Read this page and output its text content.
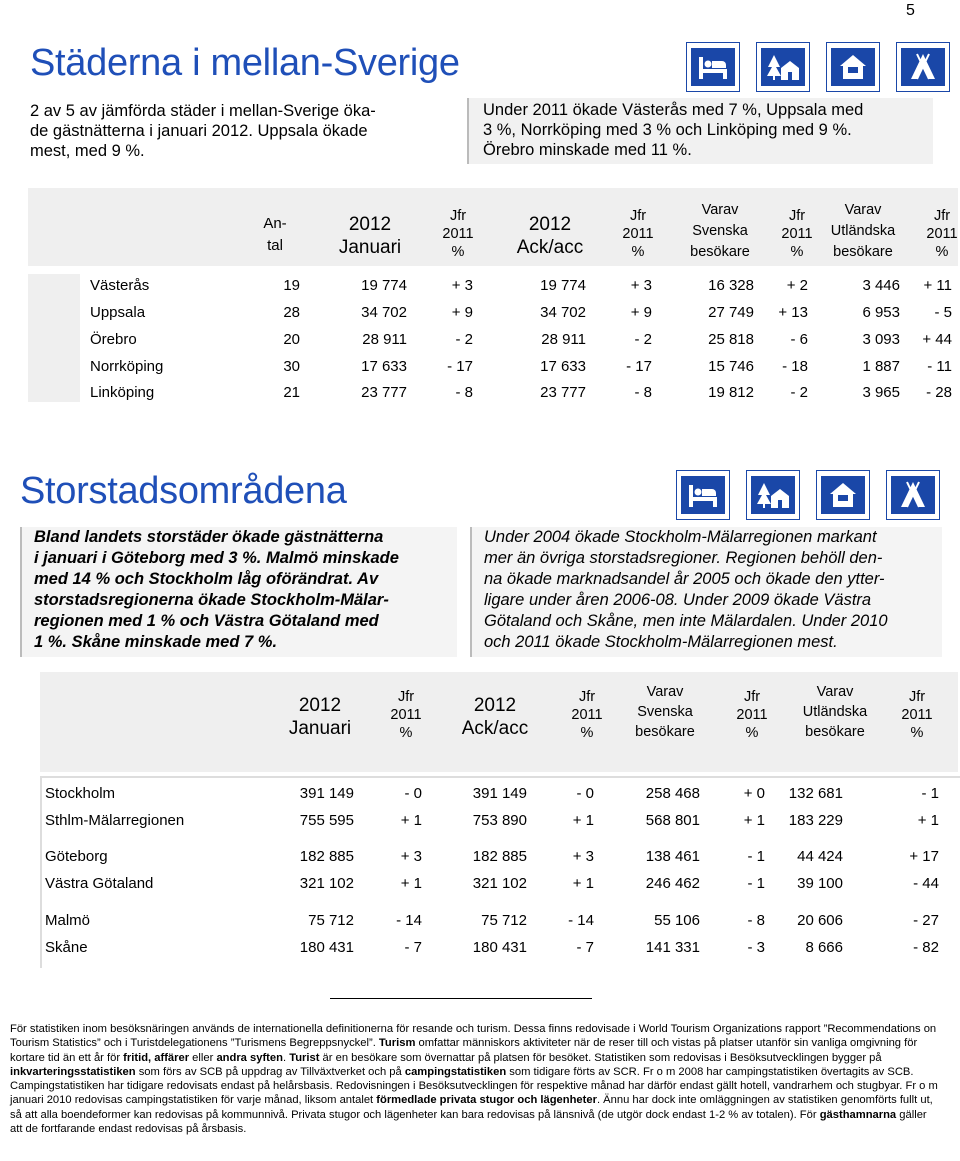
5
Städerna i mellan-Sverige
2 av 5 av jämförda städer i mellan-Sverige öka-
de gästnätterna i januari 2012. Uppsala ökade
mest, med 9 %.
Under 2011 ökade Västerås med 7 %, Uppsala med
3 %, Norrköping med 3 % och Linköping med 9 %.
Örebro minskade med 11 %.
An-
tal
2012
Januari
Jfr
2011
%
2012
Ack/acc
Jfr
2011
%
Varav
Svenska
besökare
Jfr
2011
%
Varav
Utländska
besökare
Jfr
2011
%
Västerås	19	19 774	+ 3	19 774	+ 3	16 328 + 2	3 446 + 11
Uppsala	28	34 702	+ 9	34 702	+ 9	27 749 + 13	6 953 - 5
Örebro	20	28 911	- 2	28 911	- 2	25 818 - 6	3 093 + 44
Norrköping	30	17 633	- 17	17 633	- 17	15 746 - 18	1 887 - 11
Linköping	21	23 777	- 8	23 777	- 8	19 812 - 2	3 965 - 28
Storstadsområdena
Bland landets storstäder ökade gästnätterna
i januari i Göteborg med 3 %. Malmö minskade
med 14 % och Stockholm låg oförändrat. Av
storstadsregionerna ökade Stockholm-Mälar-
regionen med 1 % och Västra Götaland med
1 %. Skåne minskade med 7 %.
Under 2004 ökade Stockholm-Mälarregionen markant
mer än övriga storstadsregioner. Regionen behöll den-
na ökade marknadsandel år 2005 och ökade den ytter-
ligare under åren 2006-08. Under 2009 ökade Västra
Götaland och Skåne, men inte Mälardalen. Under 2010
och 2011 ökade Stockholm-Mälarregionen mest.
2012
Januari
Jfr
2011
%
2012
Ack/acc
Jfr
2011
%
Varav
Svenska
besökare
Jfr
2011
%
Varav
Utländska
besökare
Jfr
2011
%
Stockholm	391 149	- 0	391 149	- 0	258 468	+ 0 132 681	- 1
Sthlm-Mälarregionen	755 595	+ 1	753 890	+ 1	568 801	+ 1 183 229	+ 1
Göteborg	182 885	+ 3	182 885	+ 3	138 461	- 1 44 424	+ 17
Västra Götaland	321 102	+ 1	321 102	+ 1	246 462	- 1 39 100	- 44
Malmö	75 712	- 14	75 712	- 14	55 106	- 8 20 606	- 27
Skåne	180 431	- 7	180 431	- 7	141 331	- 3	8 666	- 82
För statistiken inom besöksnäringen används de internationella definitionerna för resande och turism. Dessa finns redovisade i World Tourism Organizations rapport ”Recommendations on Tourism Statistics” och i Turistdelegationens ”Turismens Begreppsnyckel”. Turism omfattar människors aktiviteter när de reser till och vistas på platser utanför sin vanliga omgivning för kortare tid än ett år för fritid, affärer eller andra syften. Turist är en besökare som övernattar på platsen för besöket. Statistiken som redovisas i Besöksutvecklingen bygger på inkvarteringsstatistiken som förs av SCB på uppdrag av Tillväxtverket och på campingstatistiken som tidigare förts av SCR. Fr o m 2008 har campingstatistiken övertagits av SCB. Campingstatistiken har tidigare redovisats endast på helårsbasis. Redovisningen i Besöksutvecklingen för respektive månad har därför endast gällt hotell, vandrarhem och stugbyar. Fr o m januari 2010 redovisas campingstatistiken för varje månad, liksom antalet förmedlade privata stugor och lägenheter. Ännu har dock inte omläggningen av statistiken genomförts fullt ut, så att alla boendeformer kan redovisas på kommunnivå. Privata stugor och lägenheter kan bara redovisas på länsnivå (de utgör dock endast 1-2 % av totalen). För gästhamnarna gäller att de fortfarande endast redovisas på årsbasis.
